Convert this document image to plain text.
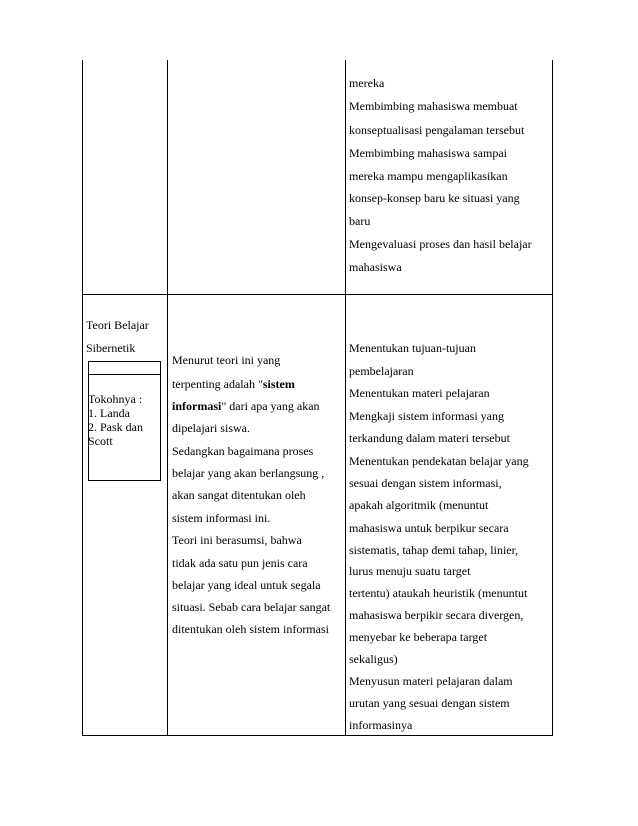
mereka
Membimbing mahasiswa membuat
konseptualisasi pengalaman tersebut
Membimbing mahasiswa sampai
mereka mampu mengaplikasikan
konsep-konsep baru ke situasi yang
baru
Mengevaluasi proses dan hasil belajar
mahasiswa
Teori Belajar
Sibernetik
Tokohnya :
1. Landa
2. Pask dan
Scott
Menurut teori ini yang
terpenting adalah "sistem
informasi" dari apa yang akan
dipelajari siswa.
Sedangkan bagaimana proses
belajar yang akan berlangsung ,
akan sangat ditentukan oleh
sistem informasi ini.
Teori ini berasumsi, bahwa
tidak ada satu pun jenis cara
belajar yang ideal untuk segala
situasi. Sebab cara belajar sangat
ditentukan oleh sistem informasi
Menentukan tujuan-tujuan
pembelajaran
Menentukan materi pelajaran
Mengkaji sistem informasi yang
terkandung dalam materi tersebut
Menentukan pendekatan belajar yang
sesuai dengan sistem informasi,
apakah algoritmik (menuntut
mahasiswa untuk berpikur secara
sistematis, tahap demi tahap, linier,
lurus menuju suatu target
tertentu) ataukah heuristik (menuntut
mahasiswa berpikir secara divergen,
menyebar ke beberapa target
sekaligus)
Menyusun materi pelajaran dalam
urutan yang sesuai dengan sistem
informasinya
